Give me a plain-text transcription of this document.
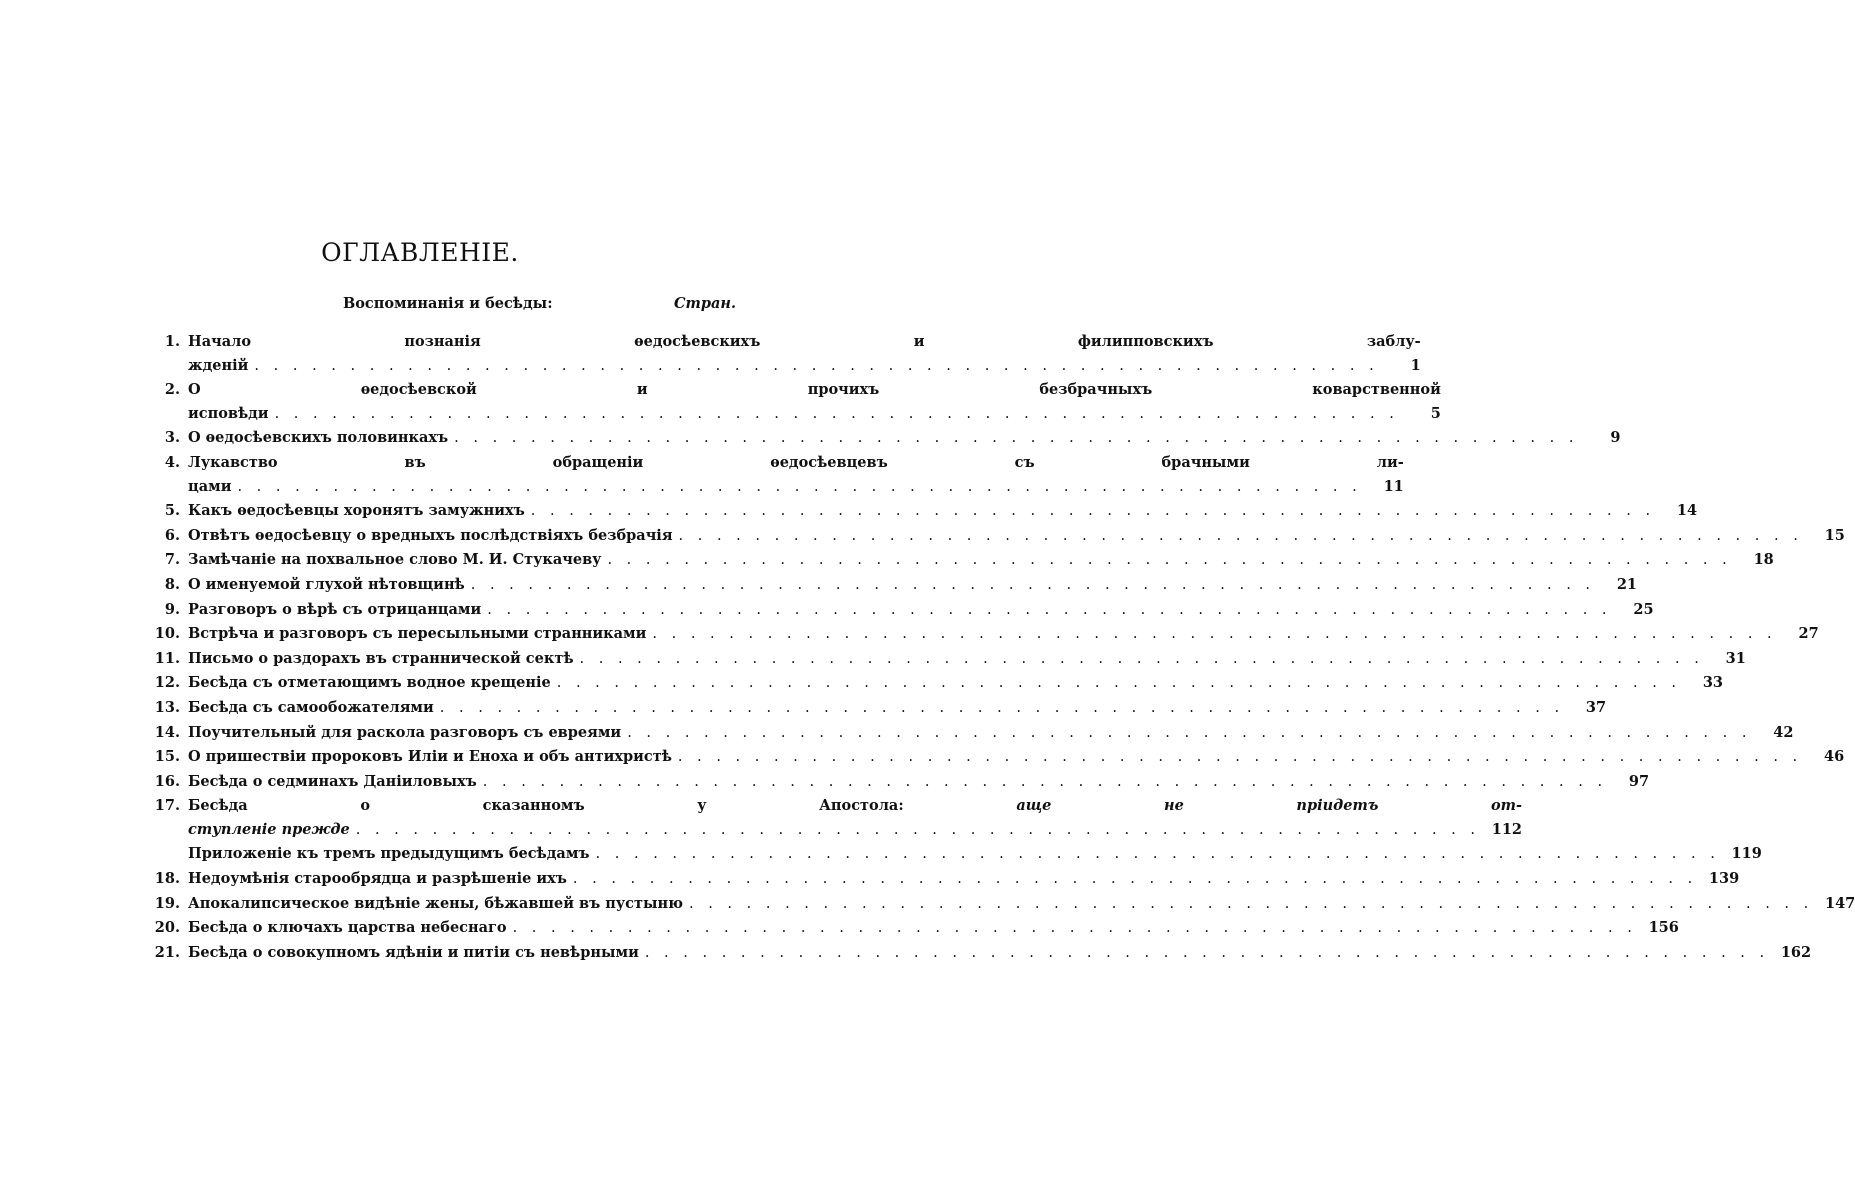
ОГЛАВЛЕНІЕ.
Воспоминанія и бесѣды:	Стран.
1. Начало познанія ѳедосѣевскихъ и филипповскихъ заблу-
жденій . . .	1
2. О ѳедосѣевской и прочихъ безбрачныхъ коварственной
исповѣди . . .	5
3. О ѳедосѣевскихъ половинкахъ . . .	9
4. Лукавство въ обращеніи ѳедосѣевцевъ съ брачными ли-
цами . . .	11
5. Какъ ѳедосѣевцы хоронятъ замужнихъ . . .	14
6. Отвѣтъ ѳедосѣевцу о вредныхъ послѣдствіяхъ безбрачія . . .	15
7. Замѣчаніе на похвальное слово М. И. Стукачеву . . .	18
8. О именуемой глухой нѣтовщинѣ . . .	21
9. Разговоръ о вѣрѣ съ отрицанцами . . .	25
10. Встрѣча и разговоръ съ пересыльными странниками . . .	27
11. Письмо о раздорахъ въ страннической сектѣ . . .	31
12. Бесѣда съ отметающимъ водное крещеніе . . .	33
13. Бесѣда съ самообожателями . . .	37
14. Поучительный для раскола разговоръ съ евреями . . .	42
15. О пришествіи пророковъ Иліи и Еноха и объ антихристѣ . . .	46
16. Бесѣда о седминахъ Даніиловыхъ . . .	97
17. Бесѣда о сказанномъ у Апостола: аще не пріидетъ от-
ступленіе прежде . . .	112
Приложеніе къ тремъ предыдущимъ бесѣдамъ . . .	119
18. Недоумѣнія старообрядца и разрѣшеніе ихъ . . .	139
19. Апокалипсическое видѣніе жены, бѣжавшей въ пустыню . . .	147
20. Бесѣда о ключахъ царства небеснаго . . .	156
21. Бесѣда о совокупномъ ядѣніи и питіи съ невѣрными . . .	162
